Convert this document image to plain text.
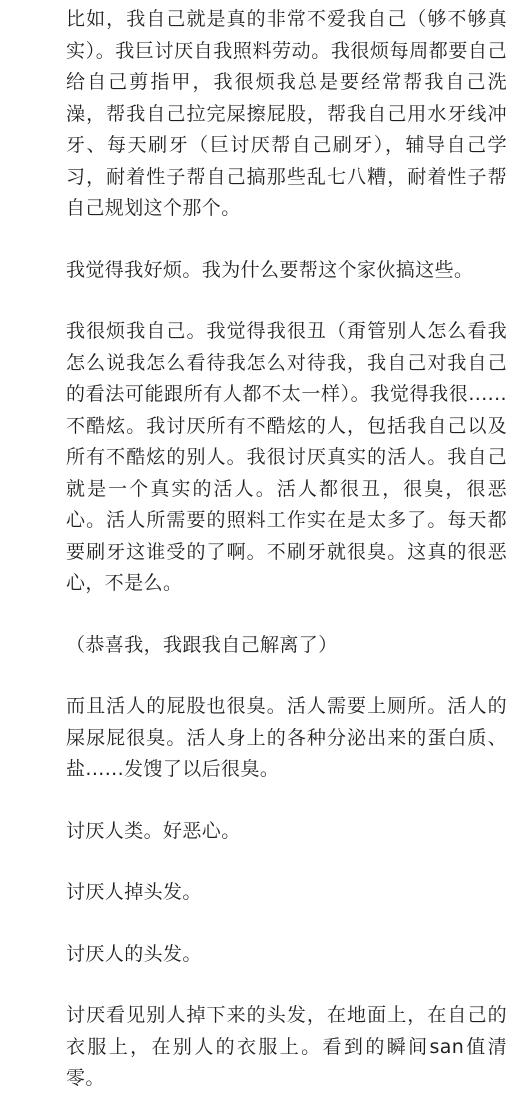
比如，我自己就是真的非常不爱我自己（够不够真实）。我巨讨厌自我照料劳动。我很烦每周都要自己给自己剪指甲，我很烦我总是要经常帮我自己洗澡，帮我自己拉完屎擦屁股，帮我自己用水牙线冲牙、每天刷牙（巨讨厌帮自己刷牙），辅导自己学习，耐着性子帮自己搞那些乱七八糟，耐着性子帮自己规划这个那个。

我觉得我好烦。我为什么要帮这个家伙搞这些。

我很烦我自己。我觉得我很丑（甭管别人怎么看我怎么说我怎么看待我怎么对待我，我自己对我自己的看法可能跟所有人都不太一样）。我觉得我很......不酷炫。我讨厌所有不酷炫的人，包括我自己以及所有不酷炫的别人。我很讨厌真实的活人。我自己就是一个真实的活人。活人都很丑，很臭，很恶心。活人所需要的照料工作实在是太多了。每天都要刷牙这谁受的了啊。不刷牙就很臭。这真的很恶心，不是么。

（恭喜我，我跟我自己解离了）

而且活人的屁股也很臭。活人需要上厕所。活人的屎尿屁很臭。活人身上的各种分泌出来的蛋白质、盐......发馊了以后很臭。

讨厌人类。好恶心。

讨厌人掉头发。

讨厌人的头发。

讨厌看见别人掉下来的头发，在地面上，在自己的衣服上，在别人的衣服上。看到的瞬间san值清零。
